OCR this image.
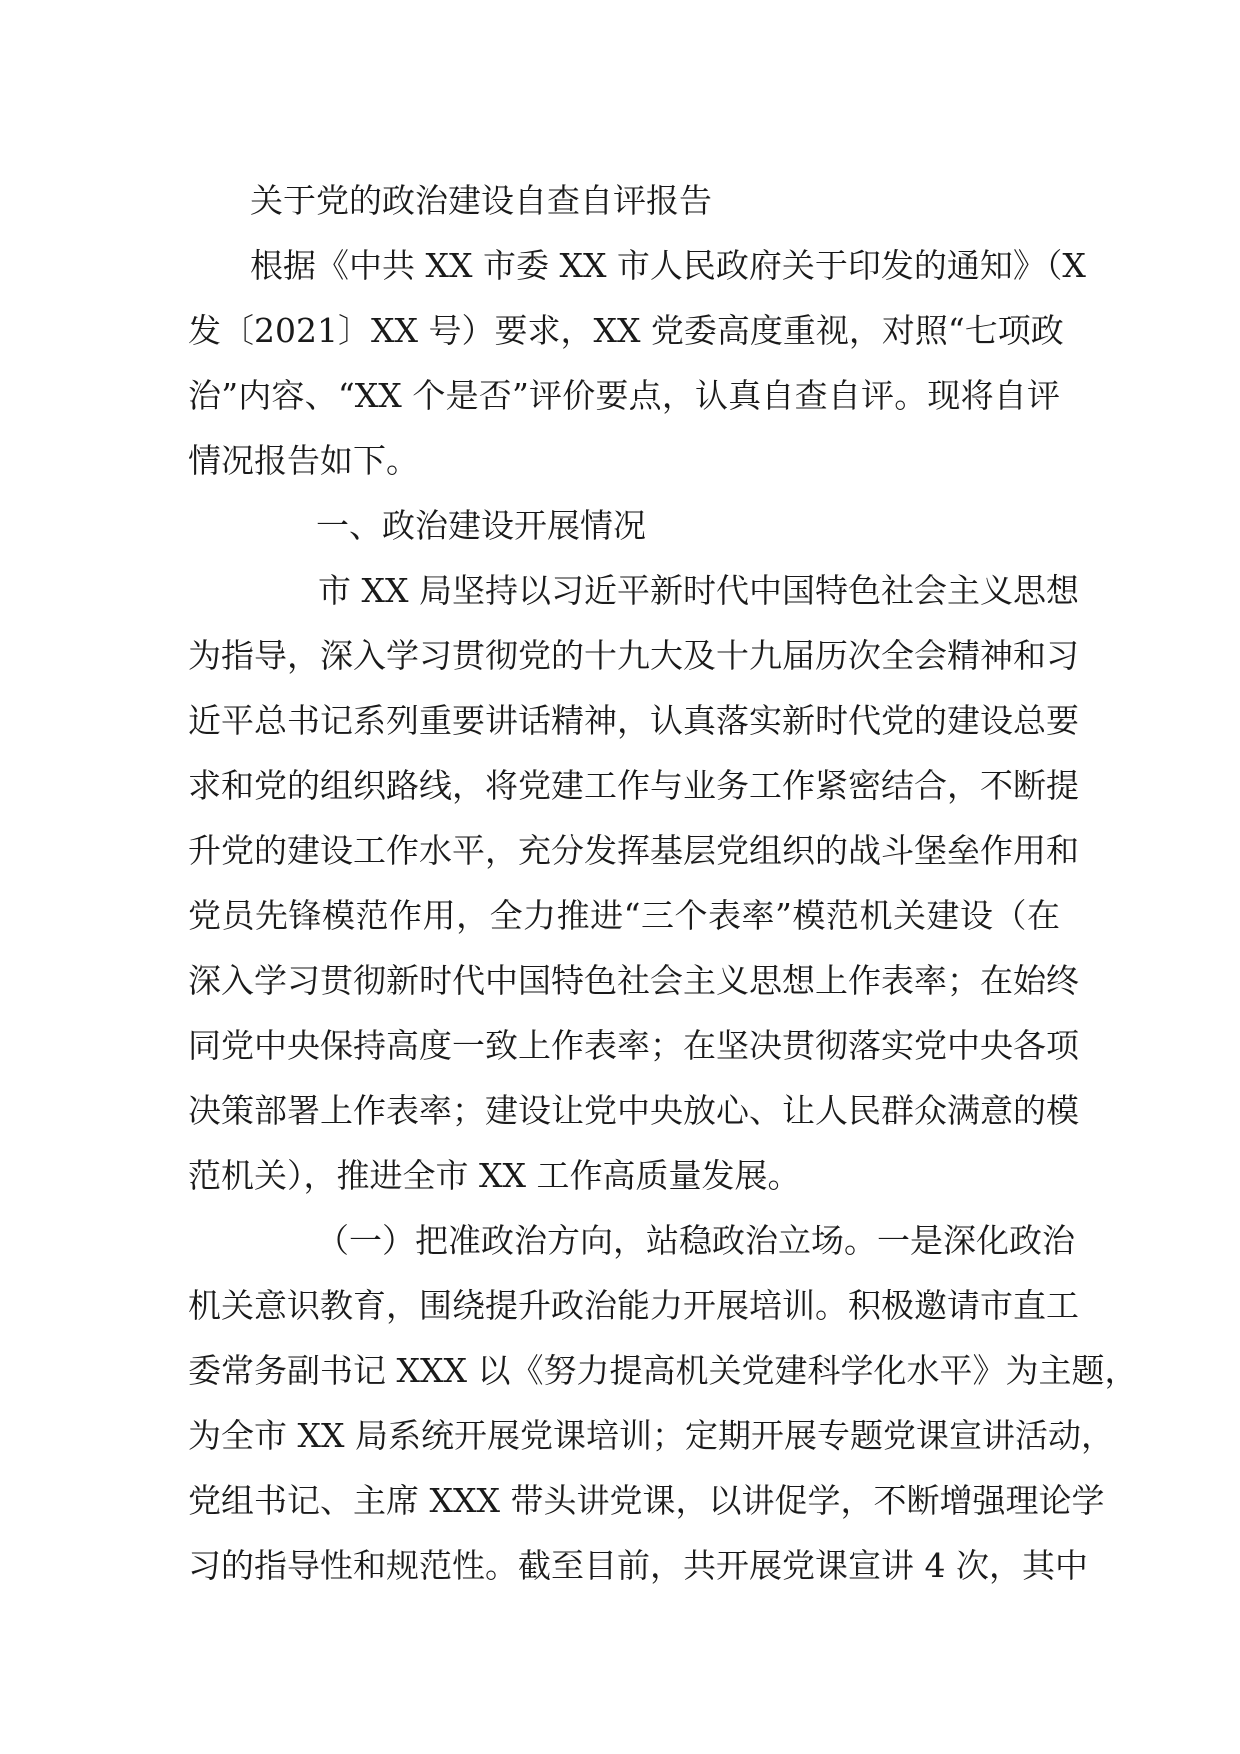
关于党的政治建设自查自评报告
根据《中共 XX 市委 XX 市人民政府关于印发的通知》（X
发〔2021〕XX 号）要求，XX 党委高度重视，对照“七项政
治”内容、“XX 个是否”评价要点，认真自查自评。现将自评
情况报告如下。
一、政治建设开展情况
市 XX 局坚持以习近平新时代中国特色社会主义思想
为指导，深入学习贯彻党的十九大及十九届历次全会精神和习
近平总书记系列重要讲话精神，认真落实新时代党的建设总要
求和党的组织路线，将党建工作与业务工作紧密结合，不断提
升党的建设工作水平，充分发挥基层党组织的战斗堡垒作用和
党员先锋模范作用，全力推进“三个表率”模范机关建设（在
深入学习贯彻新时代中国特色社会主义思想上作表率；在始终
同党中央保持高度一致上作表率；在坚决贯彻落实党中央各项
决策部署上作表率；建设让党中央放心、让人民群众满意的模
范机关），推进全市 XX 工作高质量发展。
（一）把准政治方向，站稳政治立场。一是深化政治
机关意识教育，围绕提升政治能力开展培训。积极邀请市直工
委常务副书记 XXX 以《努力提高机关党建科学化水平》为主题，
为全市 XX 局系统开展党课培训；定期开展专题党课宣讲活动，
党组书记、主席 XXX 带头讲党课，以讲促学，不断增强理论学
习的指导性和规范性。截至目前，共开展党课宣讲 4 次，其中
